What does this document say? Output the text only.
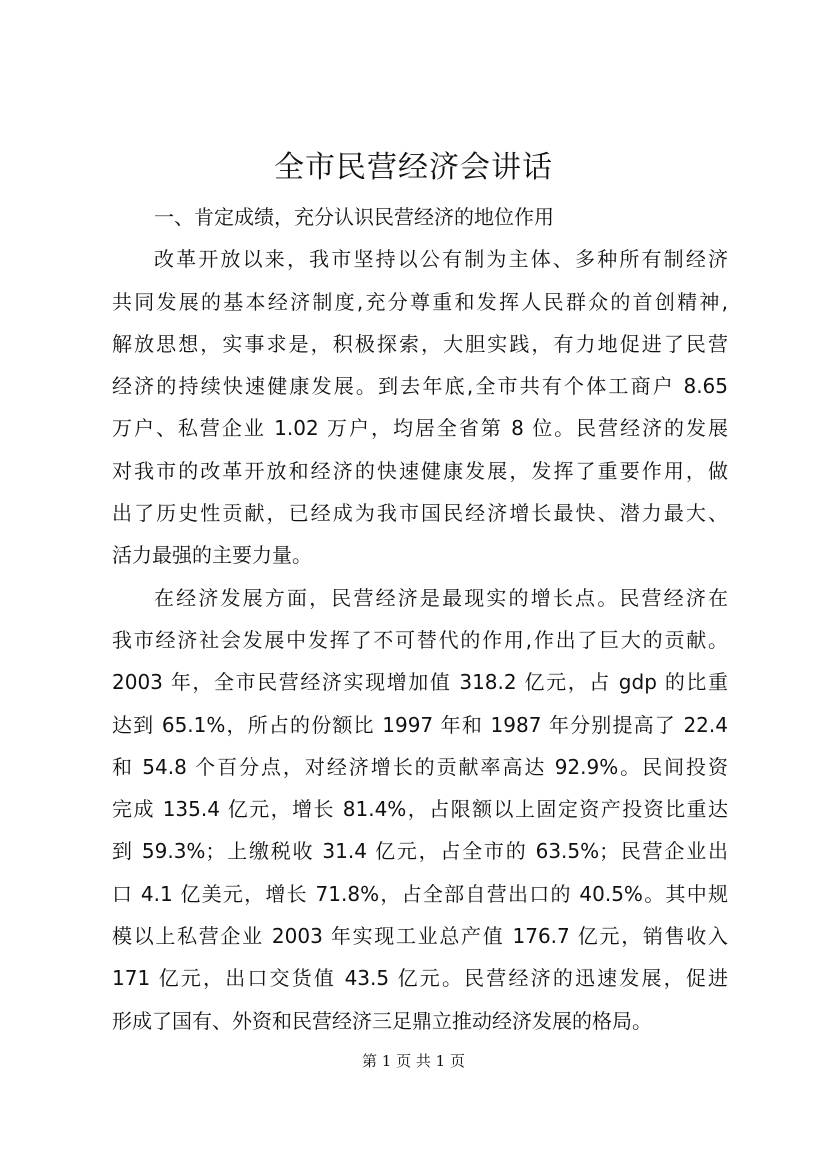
全市民营经济会讲话
一、肯定成绩，充分认识民营经济的地位作用
改革开放以来，我市坚持以公有制为主体、多种所有制经济
共同发展的基本经济制度,充分尊重和发挥人民群众的首创精神,
解放思想，实事求是，积极探索，大胆实践，有力地促进了民营
经济的持续快速健康发展。到去年底,全市共有个体工商户 8.65
万户、私营企业 1.02 万户，均居全省第 8 位。民营经济的发展
对我市的改革开放和经济的快速健康发展，发挥了重要作用，做
出了历史性贡献，已经成为我市国民经济增长最快、潜力最大、
活力最强的主要力量。
在经济发展方面，民营经济是最现实的增长点。民营经济在
我市经济社会发展中发挥了不可替代的作用,作出了巨大的贡献。
2003 年，全市民营经济实现增加值 318.2 亿元，占 gdp 的比重
达到 65.1%，所占的份额比 1997 年和 1987 年分别提高了 22.4
和 54.8 个百分点，对经济增长的贡献率高达 92.9%。民间投资
完成 135.4 亿元，增长 81.4%，占限额以上固定资产投资比重达
到 59.3%；上缴税收 31.4 亿元，占全市的 63.5%；民营企业出
口 4.1 亿美元，增长 71.8%，占全部自营出口的 40.5%。其中规
模以上私营企业 2003 年实现工业总产值 176.7 亿元，销售收入
171 亿元，出口交货值 43.5 亿元。民营经济的迅速发展，促进
形成了国有、外资和民营经济三足鼎立推动经济发展的格局。
第 1 页 共 1 页
